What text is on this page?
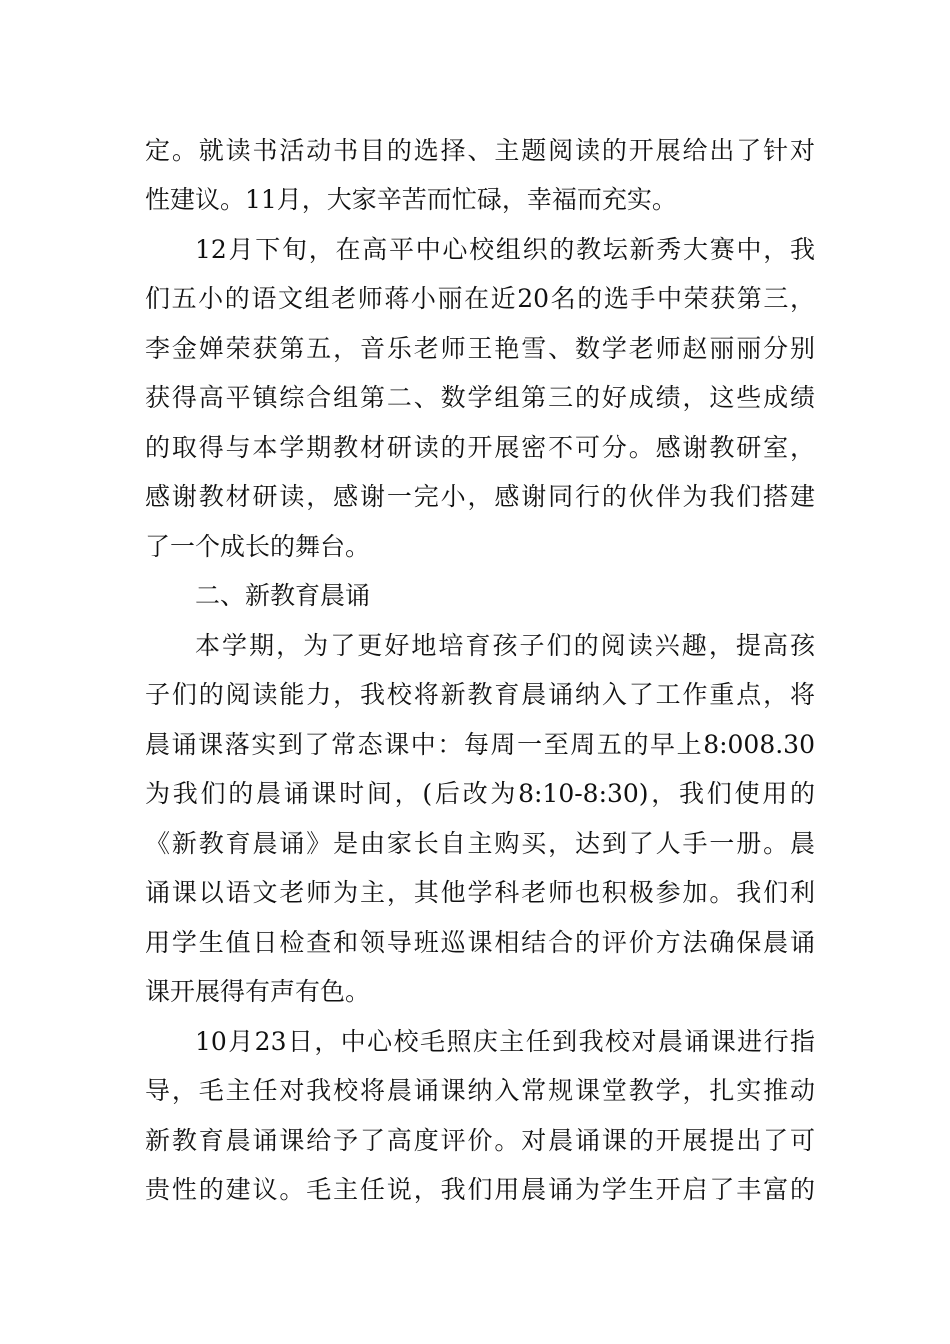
定。就读书活动书目的选择、主题阅读的开展给出了针对
性建议。11月，大家辛苦而忙碌，幸福而充实。
12月下旬，在高平中心校组织的教坛新秀大赛中，我
们五小的语文组老师蒋小丽在近20名的选手中荣获第三，
李金婵荣获第五，音乐老师王艳雪、数学老师赵丽丽分别
获得高平镇综合组第二、数学组第三的好成绩，这些成绩
的取得与本学期教材研读的开展密不可分。感谢教研室，
感谢教材研读，感谢一完小，感谢同行的伙伴为我们搭建
了一个成长的舞台。
二、新教育晨诵
本学期，为了更好地培育孩子们的阅读兴趣，提高孩
子们的阅读能力，我校将新教育晨诵纳入了工作重点，将
晨诵课落实到了常态课中：每周一至周五的早上8:008.30
为我们的晨诵课时间，(后改为8:10-8:30)，我们使用的
《新教育晨诵》是由家长自主购买，达到了人手一册。晨
诵课以语文老师为主，其他学科老师也积极参加。我们利
用学生值日检查和领导班巡课相结合的评价方法确保晨诵
课开展得有声有色。
10月23日，中心校毛照庆主任到我校对晨诵课进行指
导，毛主任对我校将晨诵课纳入常规课堂教学，扎实推动
新教育晨诵课给予了高度评价。对晨诵课的开展提出了可
贵性的建议。毛主任说，我们用晨诵为学生开启了丰富的
